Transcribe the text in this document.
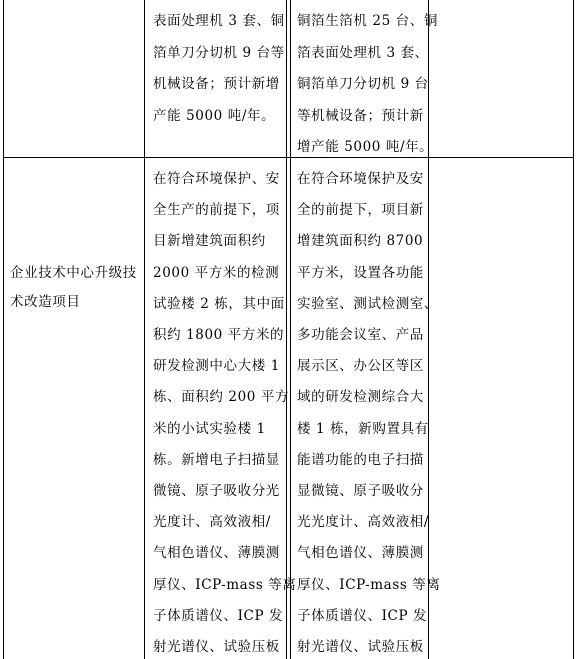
表面处理机 3 套、铜
箔单刀分切机 9 台等
机械设备；预计新增
产能 5000 吨/年。
铜箔生箔机 25 台、铜
箔表面处理机 3 套、
铜箔单刀分切机 9 台
等机械设备；预计新
增产能 5000 吨/年。
企业技术中心升级技
术改造项目
在符合环境保护、安
全生产的前提下，项
目新增建筑面积约
2000 平方米的检测
试验楼 2 栋，其中面
积约 1800 平方米的
研发检测中心大楼 1
栋、面积约 200 平方
米的小试实验楼 1
栋。新增电子扫描显
微镜、原子吸收分光
光度计、高效液相/
气相色谱仪、薄膜测
厚仪、ICP-mass 等离
子体质谱仪、ICP 发
射光谱仪、试验压板
在符合环境保护及安
全的前提下，项目新
增建筑面积约 8700
平方米，设置各功能
实验室、测试检测室、
多功能会议室、产品
展示区、办公区等区
域的研发检测综合大
楼 1 栋，新购置具有
能谱功能的电子扫描
显微镜、原子吸收分
光光度计、高效液相/
气相色谱仪、薄膜测
厚仪、ICP-mass 等离
子体质谱仪、ICP 发
射光谱仪、试验压板
